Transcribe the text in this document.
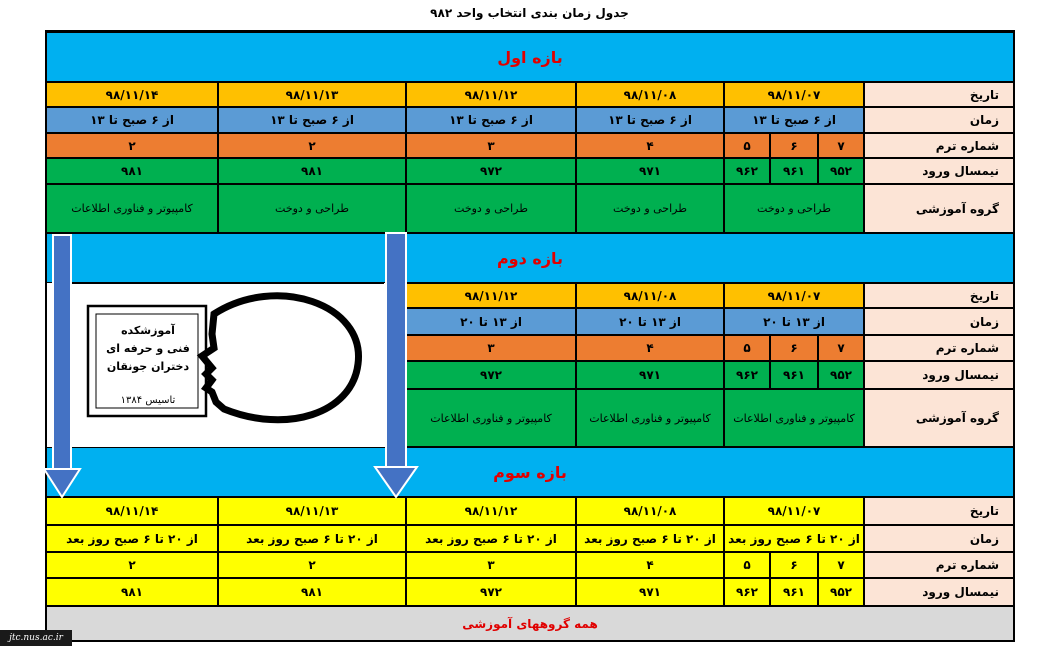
جدول زمان بندی انتخاب واحد ۹۸۲
بازه اول
تاریخ
زمان
شماره ترم
نیمسال ورود
گروه آموزشی
۹۸/۱۱/۰۷
۹۸/۱۱/۰۸
۹۸/۱۱/۱۲
۹۸/۱۱/۱۳
۹۸/۱۱/۱۴
از ۶ صبح تا ۱۳
از ۶ صبح تا ۱۳
از ۶ صبح تا ۱۳
از ۶ صبح تا ۱۳
از ۶ صبح تا ۱۳
۷
۶
۵
۴
۳
۲
۲
۹۵۲
۹۶۱
۹۶۲
۹۷۱
۹۷۲
۹۸۱
۹۸۱
طراحی و دوخت
طراحی و دوخت
طراحی و دوخت
طراحی و دوخت
کامپیوتر و فناوری اطلاعات
بازه دوم
تاریخ
زمان
شماره ترم
نیمسال ورود
گروه آموزشی
۹۸/۱۱/۰۷
۹۸/۱۱/۰۸
۹۸/۱۱/۱۲
از ۱۳ تا ۲۰
از ۱۳ تا ۲۰
از ۱۳ تا ۲۰
۷
۶
۵
۴
۳
۹۵۲
۹۶۱
۹۶۲
۹۷۱
۹۷۲
کامپیوتر و فناوری اطلاعات
کامپیوتر و فناوری اطلاعات
کامپیوتر و فناوری اطلاعات
آموزشکده
فنی و حرفه ای
دختران جونقان
تاسیس ۱۳۸۴
بازه سوم
تاریخ
زمان
شماره ترم
نیمسال ورود
۹۸/۱۱/۰۷
۹۸/۱۱/۰۸
۹۸/۱۱/۱۲
۹۸/۱۱/۱۳
۹۸/۱۱/۱۴
از ۲۰ تا ۶ صبح روز بعد
از ۲۰ تا ۶ صبح روز بعد
از ۲۰ تا ۶ صبح روز بعد
از ۲۰ تا ۶ صبح روز بعد
از ۲۰ تا ۶ صبح روز بعد
۷
۶
۵
۴
۳
۲
۲
۹۵۲
۹۶۱
۹۶۲
۹۷۱
۹۷۲
۹۸۱
۹۸۱
همه گروههای آموزشی
jtc.nus.ac.ir
